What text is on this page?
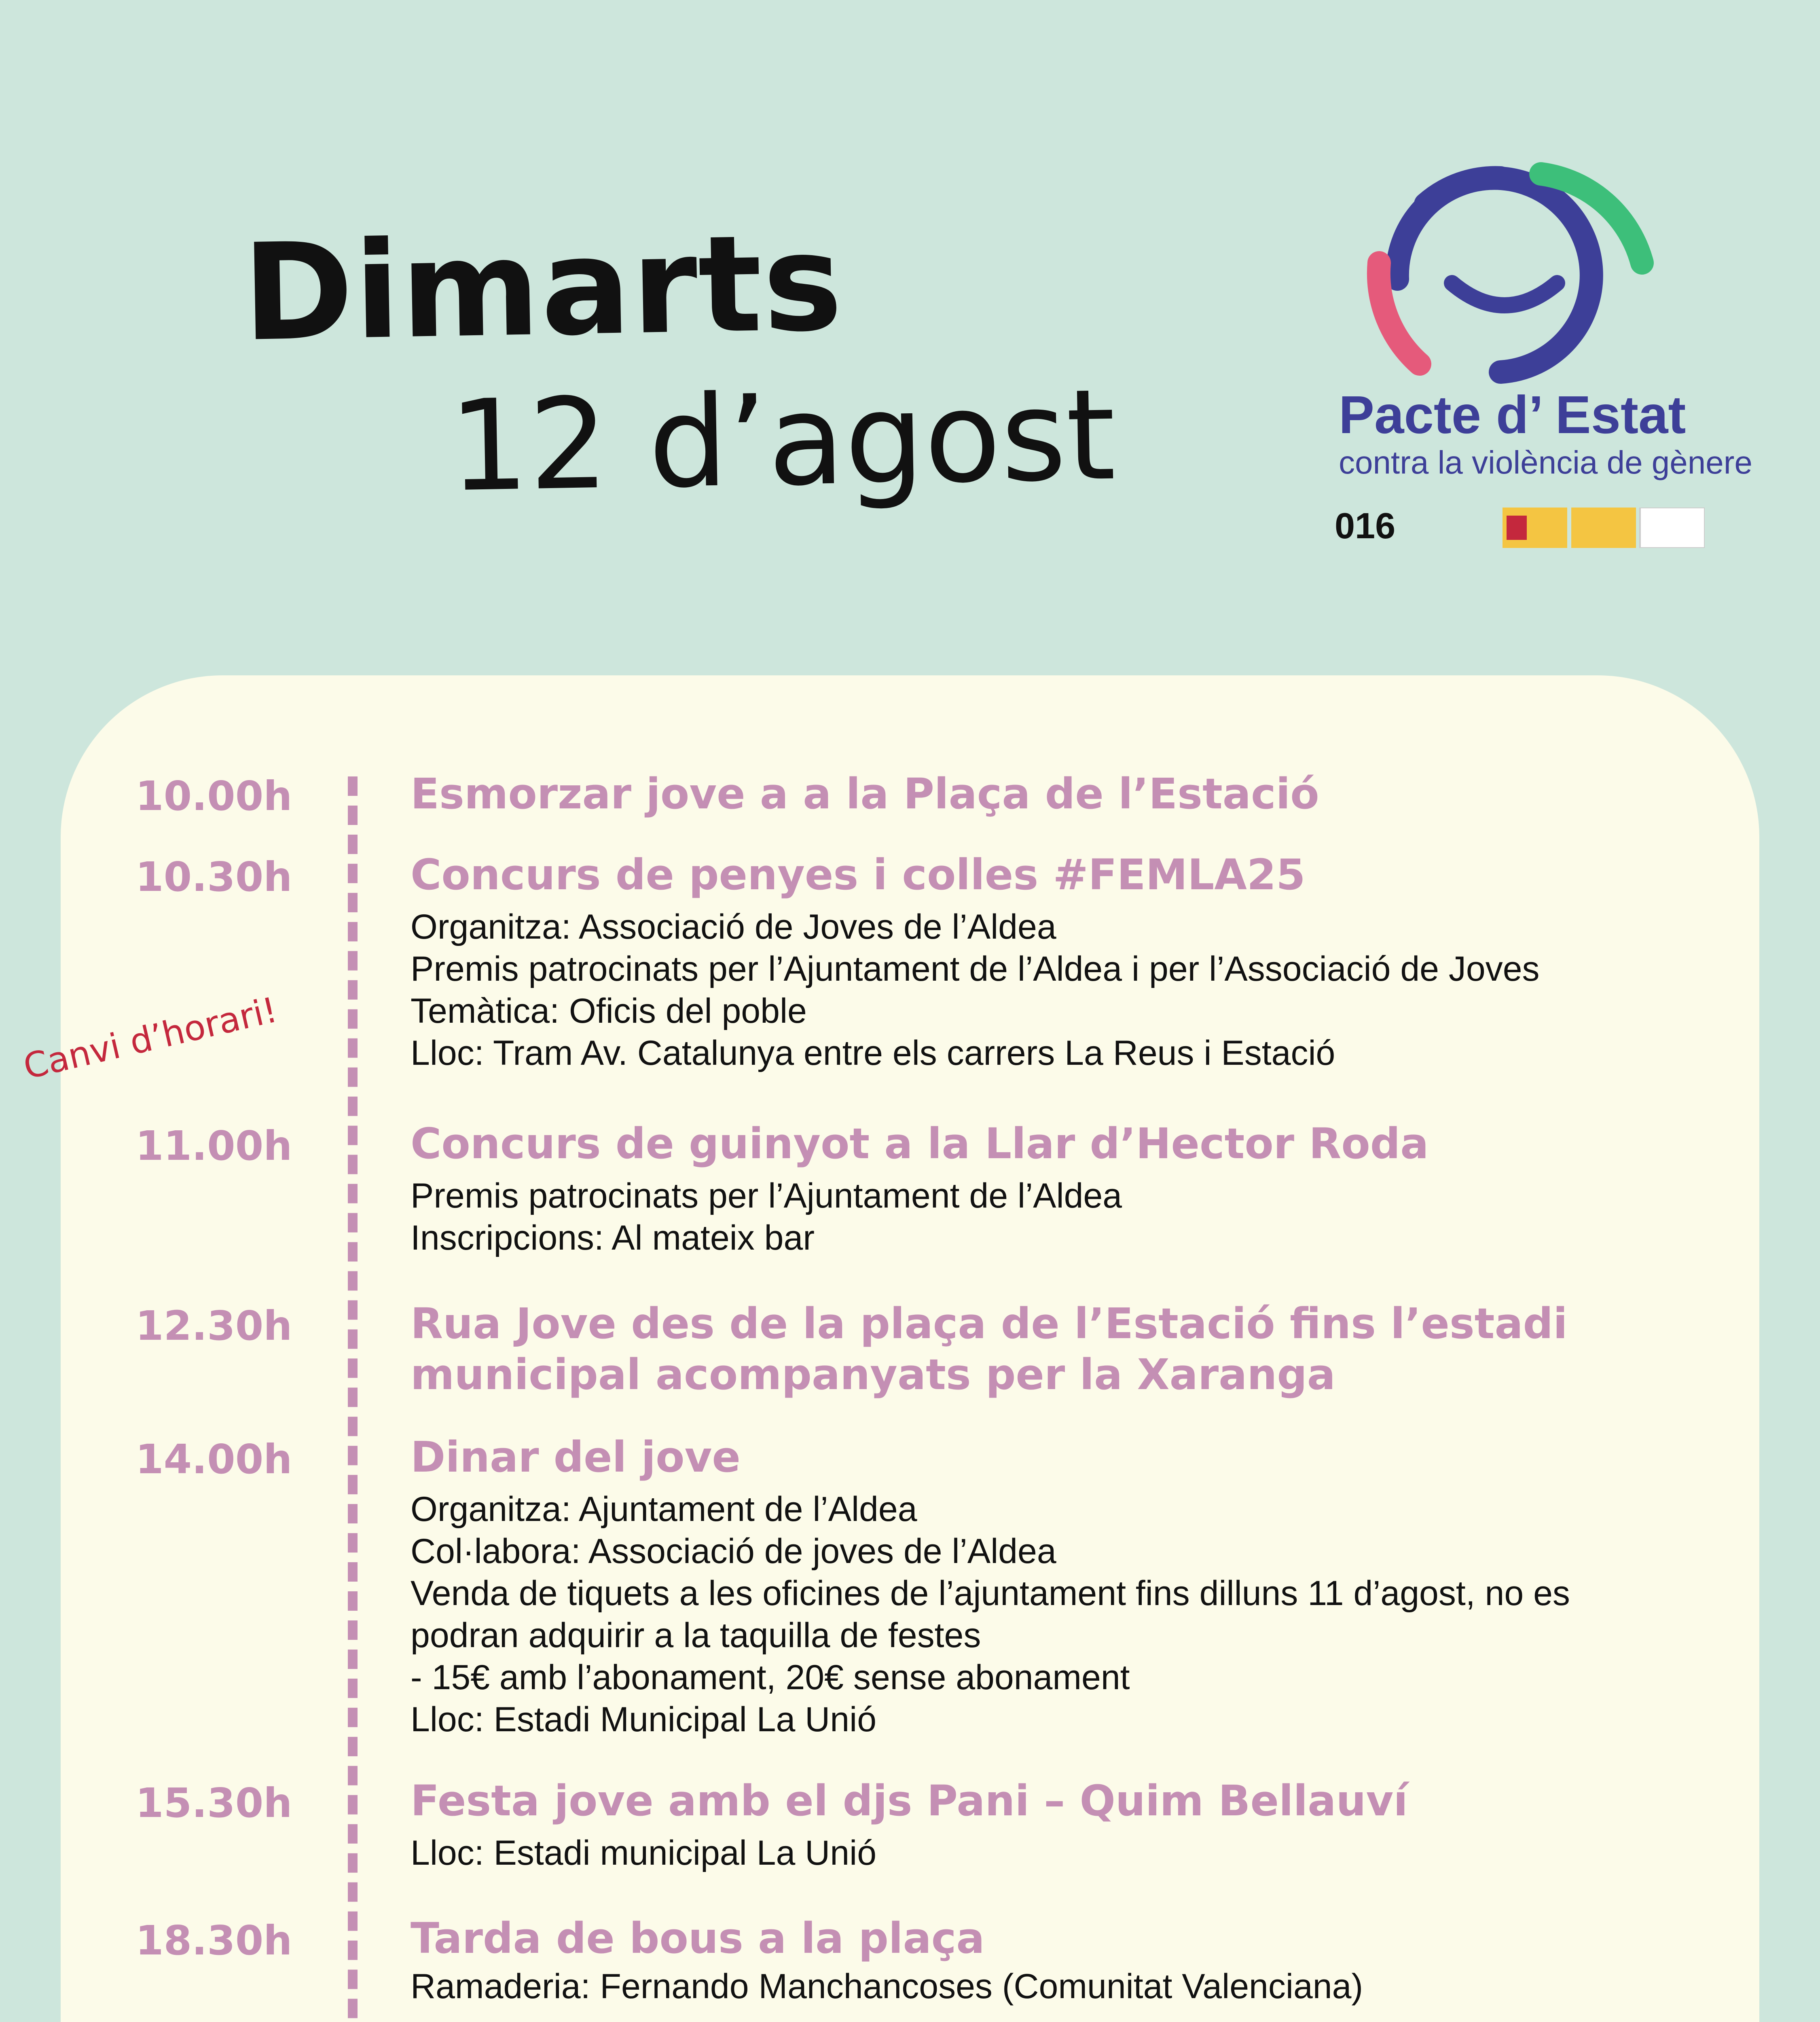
Dimarts
12 d’agost	Pacte d’ Estat
contra la violència de gènere
016
Canvi d’horari!
10.00h	Esmorzar jove a a la Plaça de l’Estació
10.30h	Concurs de penyes i colles #FEMLA25
Organitza: Associació de Joves de l’Aldea
Premis patrocinats per l’Ajuntament de l’Aldea i per l’Associació de Joves
Temàtica: Oficis del poble
Lloc: Tram Av. Catalunya entre els carrers La Reus i Estació
11.00h	Concurs de guinyot a la Llar d’Hector Roda
Premis patrocinats per l’Ajuntament de l’Aldea
Inscripcions: Al mateix bar
12.30h	Rua Jove des de la plaça de l’Estació fins l’estadi
municipal acompanyats per la Xaranga
14.00h	Dinar del jove
Organitza: Ajuntament de l’Aldea
Col·labora: Associació de joves de l’Aldea
Venda de tiquets a les oficines de l’ajuntament fins dilluns 11 d’agost, no es
podran adquirir a la taquilla de festes
- 15€ amb l’abonament, 20€ sense abonament
Lloc: Estadi Municipal La Unió
15.30h	Festa jove amb el djs Pani – Quim Bellauví
Lloc: Estadi municipal La Unió
18.30h	Tarda de bous a la plaça
Ramaderia: Fernando Manchancoses (Comunitat Valenciana)
